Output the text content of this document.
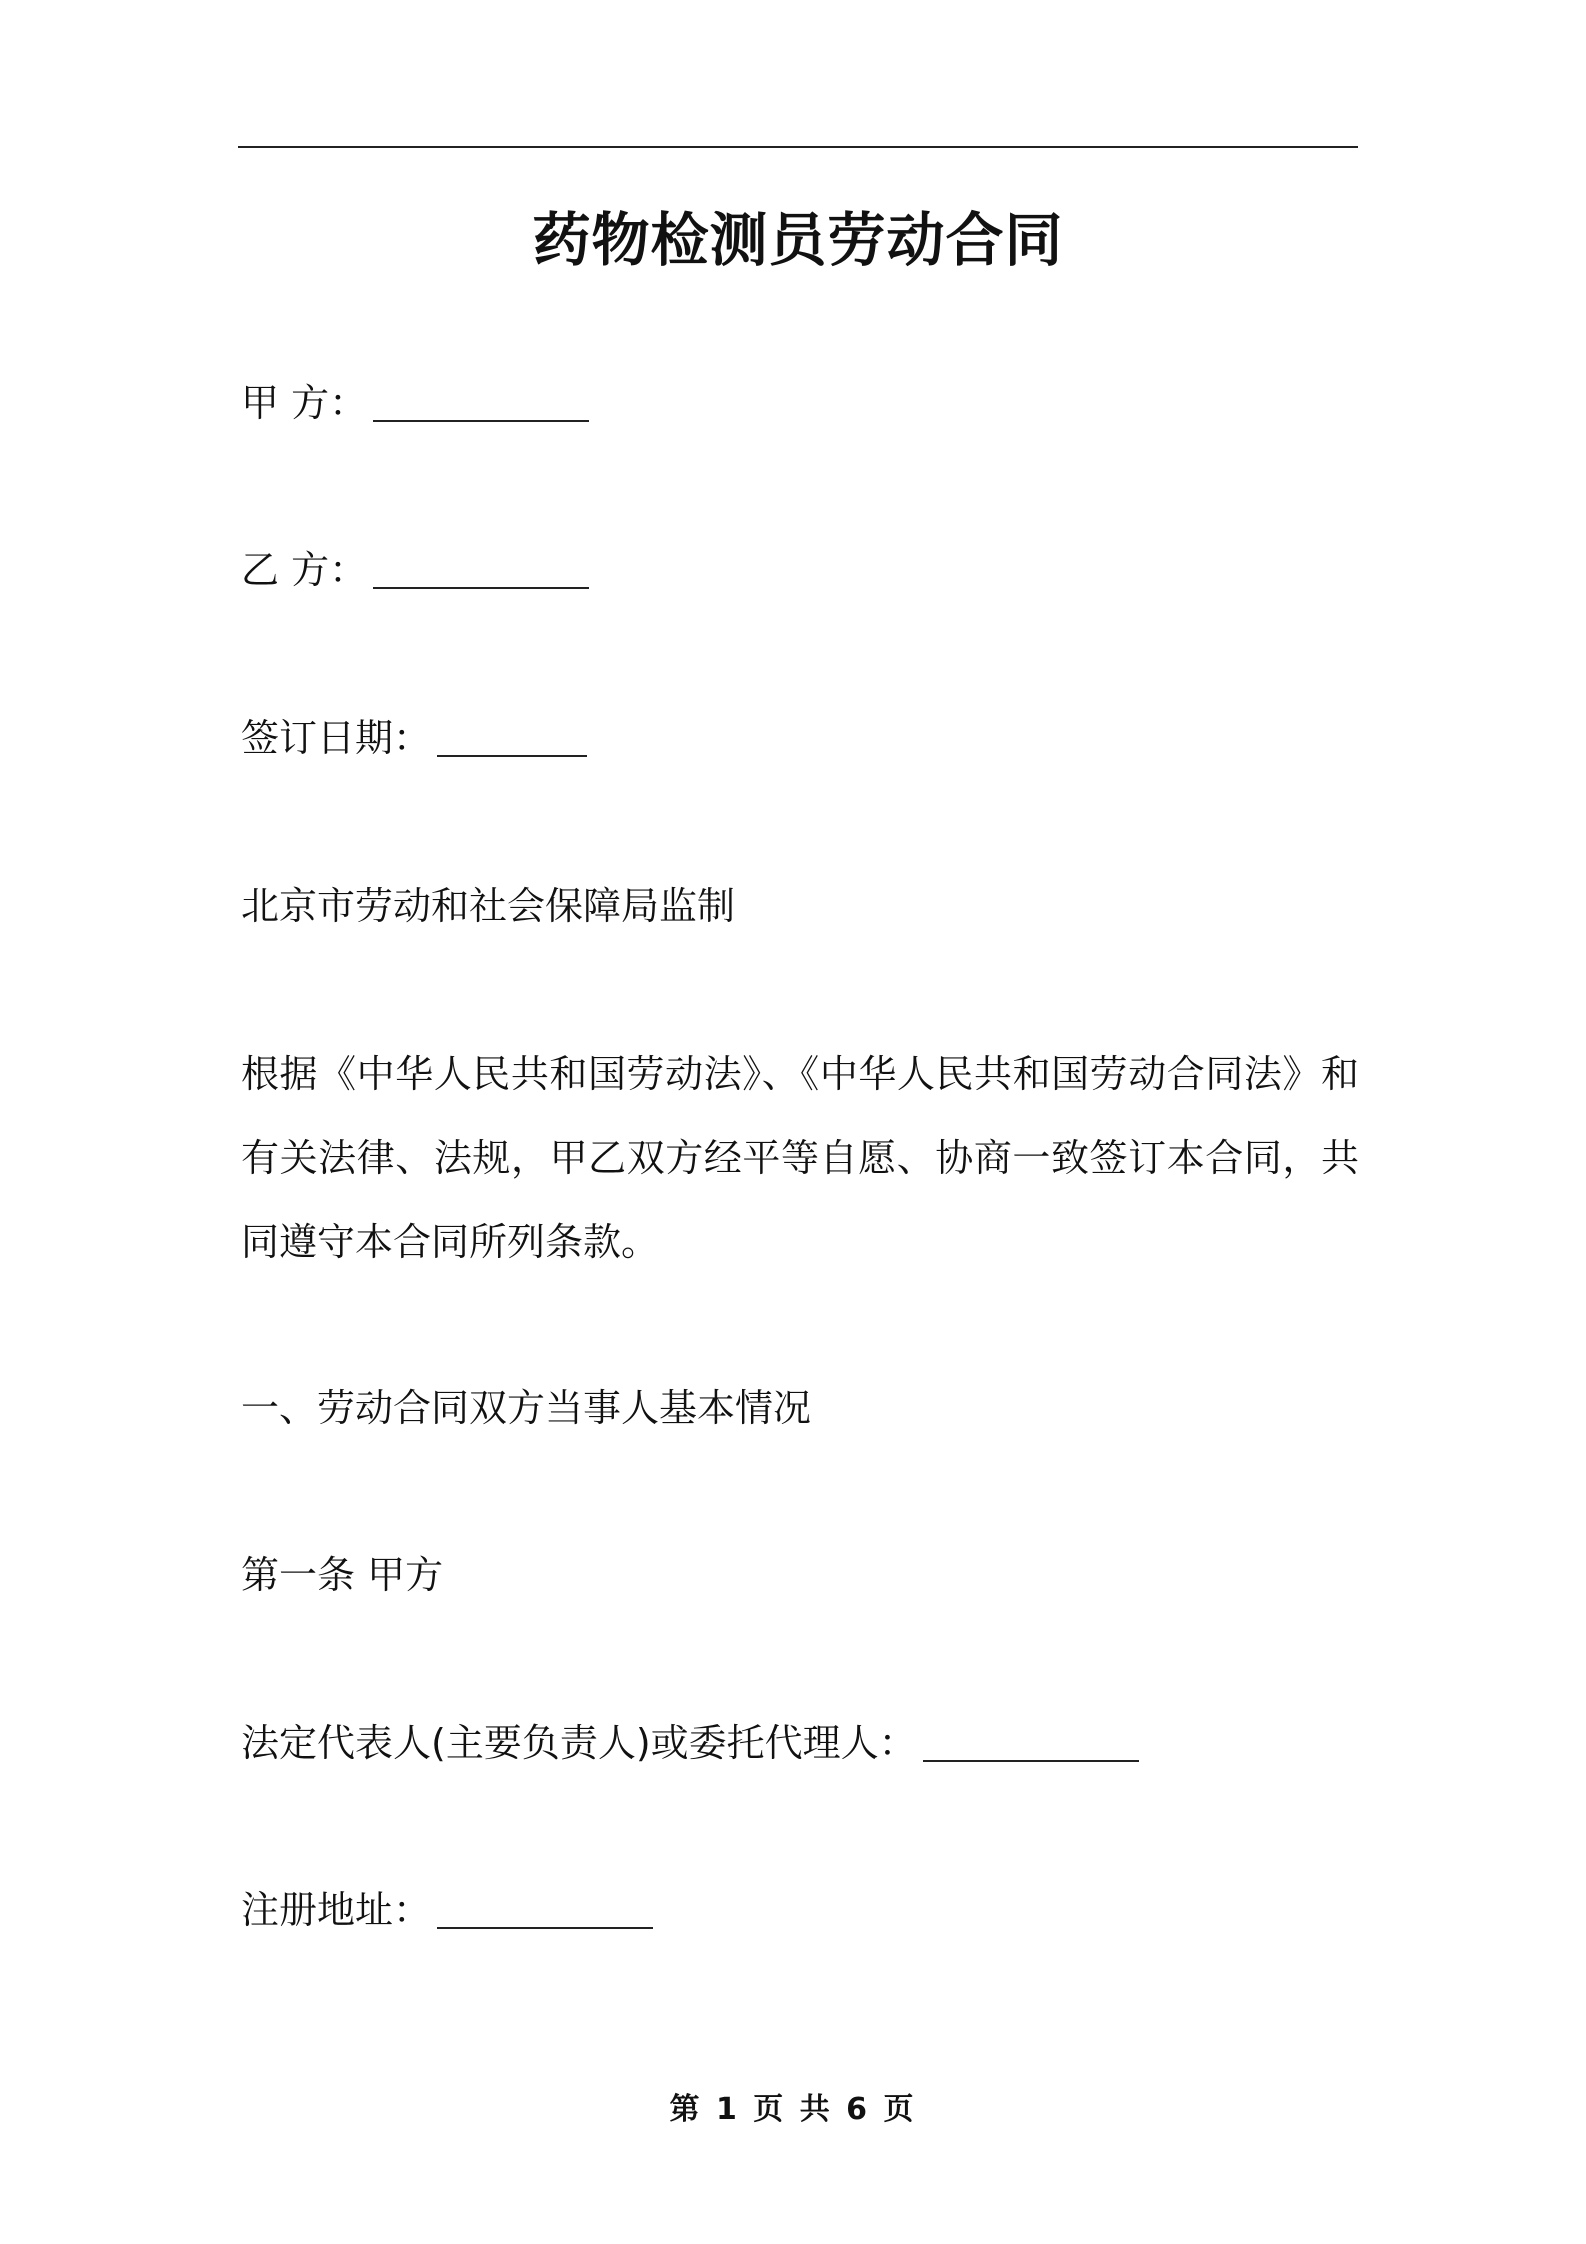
药物检测员劳动合同
甲 方：
乙 方：
签订日期：
北京市劳动和社会保障局监制
根据《中华人民共和国劳动法》、《中华人民共和国劳动合同法》和有关法律、法规，甲乙双方经平等自愿、协商一致签订本合同，共同遵守本合同所列条款。
一、劳动合同双方当事人基本情况
第一条 甲方
法定代表人(主要负责人)或委托代理人：
注册地址：
第 1 页 共 6 页
